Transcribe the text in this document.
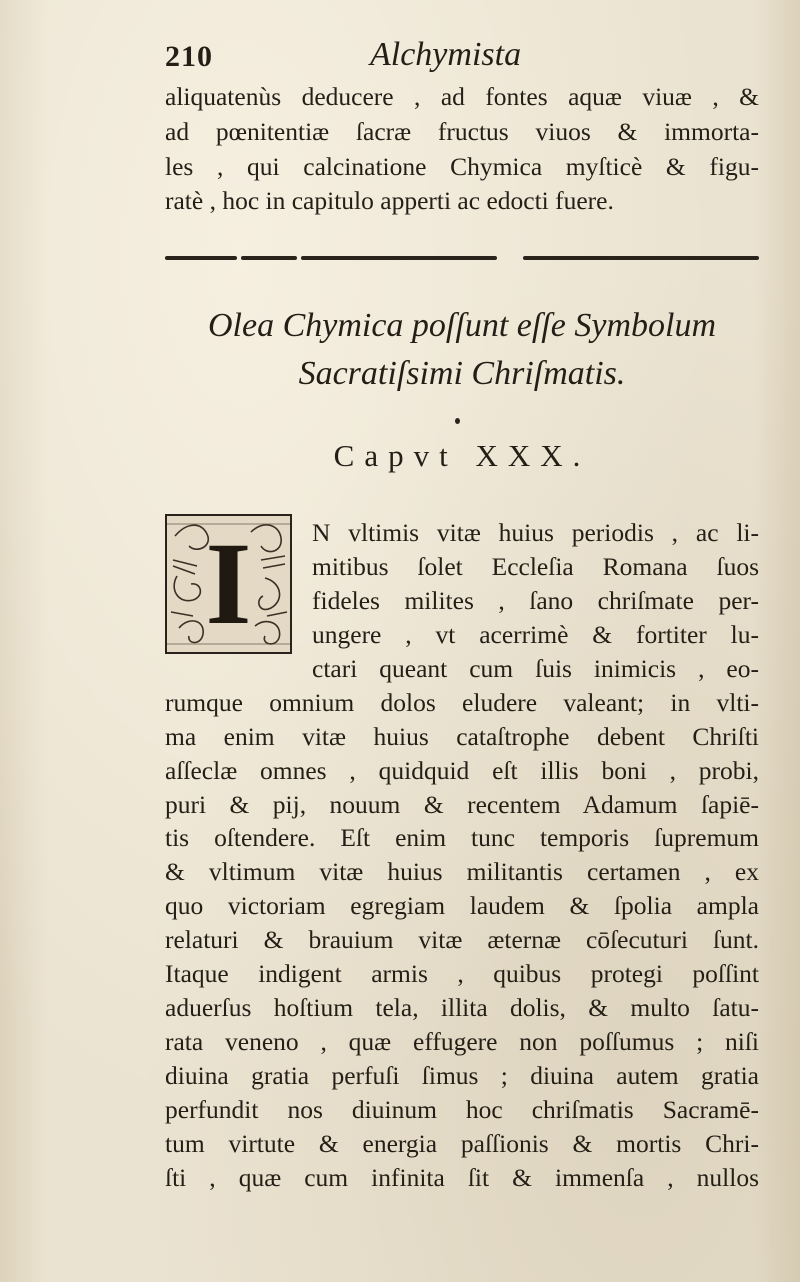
210	Alchymista
aliquatenùs deducere , ad fontes aquæ viuæ , &
ad pœnitentiæ ſacræ fructus viuos & immorta-
les , qui calcinatione Chymica myſticè & figu-
ratè , hoc in capitulo apperti ac edocti fuere.
Olea Chymica poſſunt eſſe Symbolum
Sacratiſsimi Chriſmatis.
Capvt XXX.
I	N vltimis vitæ huius periodis , ac li-
mitibus ſolet Eccleſia Romana ſuos
fideles milites , ſano chriſmate per-
ungere , vt acerrimè & fortiter lu-
ctari queant cum ſuis inimicis , eo-
rumque omnium dolos eludere valeant; in vlti-
ma enim vitæ huius cataſtrophe debent Chriſti
aſſeclæ omnes , quidquid eſt illis boni , probi,
puri & pij, nouum & recentem Adamum ſapiē-
tis oſtendere. Eſt enim tunc temporis ſupremum
& vltimum vitæ huius militantis certamen , ex
quo victoriam egregiam laudem & ſpolia ampla
relaturi & brauium vitæ æternæ cōſecuturi ſunt.
Itaque indigent armis , quibus protegi poſſint
aduerſus hoſtium tela, illita dolis, & multo ſatu-
rata veneno , quæ effugere non poſſumus ; niſi
diuina gratia perfuſi ſimus ; diuina autem gratia
perfundit nos diuinum hoc chriſmatis Sacramē-
tum virtute & energia paſſionis & mortis Chri-
ſti , quæ cum infinita ſit & immenſa , nullos
